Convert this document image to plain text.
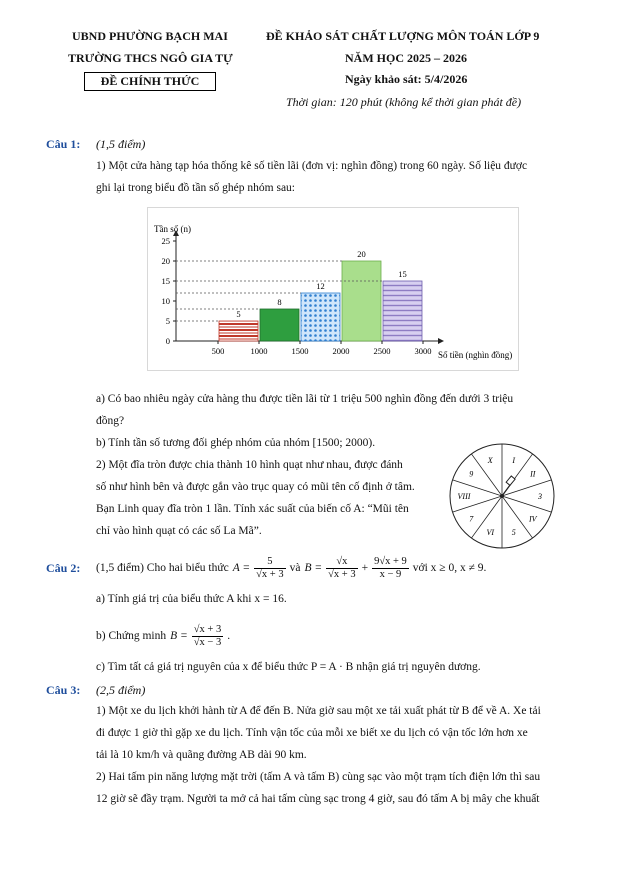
UBND PHƯỜNG BẠCH MAI
TRƯỜNG THCS NGÔ GIA TỰ
ĐỀ CHÍNH THỨC
ĐỀ KHẢO SÁT CHẤT LƯỢNG MÔN TOÁN LỚP 9
NĂM HỌC 2025 – 2026
Ngày khảo sát: 5/4/2026
Thời gian: 120 phút (không kể thời gian phát đề)
Câu 1: (1,5 điểm)
1) Một cửa hàng tạp hóa thống kê số tiền lãi (đơn vị: nghìn đồng) trong 60 ngày. Số liệu được
ghi lại trong biểu đồ tần số ghép nhóm sau:
0
5
10
15
20
25
5
8
12
20
15
500	1000	1500	2000	2500	3000
Tần số (n)
Số tiền (nghìn đồng)
a) Có bao nhiêu ngày cửa hàng thu được tiền lãi từ 1 triệu 500 nghìn đồng đến dưới 3 triệu
đồng?
b) Tính tần số tương đối ghép nhóm của nhóm [1500; 2000).
2) Một đĩa tròn được chia thành 10 hình quạt như nhau, được đánh
số như hình bên và được gắn vào trục quay có mũi tên cố định ở tâm.
Bạn Linh quay đĩa tròn 1 lần. Tính xác suất của biến cố A: “Mũi tên
chỉ vào hình quạt có các số La Mã”.
X I
II
3
IV
5
VI
7
VIII
9
Câu 2: (1,5 điểm) Cho hai biểu thức $A = \frac{5}{√x + 3}$ và $B = \frac{√x}{√x + 3} + \frac{9√x + 9}{x - 9}$ với x ≥ 0, x ≠ 9.
a) Tính giá trị của biểu thức A khi x = 16.
b) Chứng minh $B = \frac{√x + 3}{√x - 3}$ .
c) Tìm tất cả giá trị nguyên của x để biểu thức P = A · B nhận giá trị nguyên dương.
Câu 3: (2,5 điểm)
1) Một xe du lịch khởi hành từ A để đến B. Nửa giờ sau một xe tải xuất phát từ B để về A. Xe tải
đi được 1 giờ thì gặp xe du lịch. Tính vận tốc của mỗi xe biết xe du lịch có vận tốc lớn hơn xe
tải là 10 km/h và quãng đường AB dài 90 km.
2) Hai tấm pin năng lượng mặt trời (tấm A và tấm B) cùng sạc vào một trạm tích điện lớn thì sau
12 giờ sẽ đầy trạm. Người ta mở cả hai tấm cùng sạc trong 4 giờ, sau đó tấm A bị mây che khuất
